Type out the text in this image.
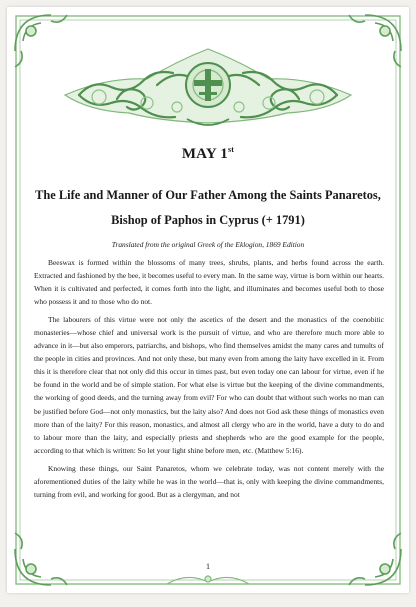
MAY 1st
The Life and Manner of Our Father Among the Saints Panaretos,
Bishop of Paphos in Cyprus (+ 1791)
Translated from the original Greek of the Eklogion, 1869 Edition

Beeswax is formed within the blossoms of many trees, shrubs, plants, and herbs found across the earth. Extracted and fashioned by the bee, it becomes useful to every man. In the same way, virtue is born within our hearts. When it is cultivated and perfected, it comes forth into the light, and illuminates and becomes useful both to those who possess it and to those who do not.

The labourers of this virtue were not only the ascetics of the desert and the monastics of the coenobitic monasteries—whose chief and universal work is the pursuit of virtue, and who are therefore much more able to advance in it—but also emperors, patriarchs, and bishops, who find themselves amidst the many cares and tumults of the people in cities and provinces. And not only these, but many even from among the laity have excelled in it. From this it is therefore clear that not only did this occur in times past, but even today one can labour for virtue, even if he be found in the world and be of simple station. For what else is virtue but the keeping of the divine commandments, the working of good deeds, and the turning away from evil? For who can doubt that without such works no man can be justified before God—not only monastics, but the laity also? And does not God ask these things of monastics even more than of the laity? For this reason, monastics, and almost all clergy who are in the world, have a duty to do and to labour more than the laity, and especially priests and shepherds who are the good example for the people, according to that which is written: So let your light shine before men, etc. (Matthew 5:16).

Knowing these things, our Saint Panaretos, whom we celebrate today, was not content merely with the aforementioned duties of the laity while he was in the world—that is, only with keeping the divine commandments, turning from evil, and working for good. But as a clergyman, and not

1
